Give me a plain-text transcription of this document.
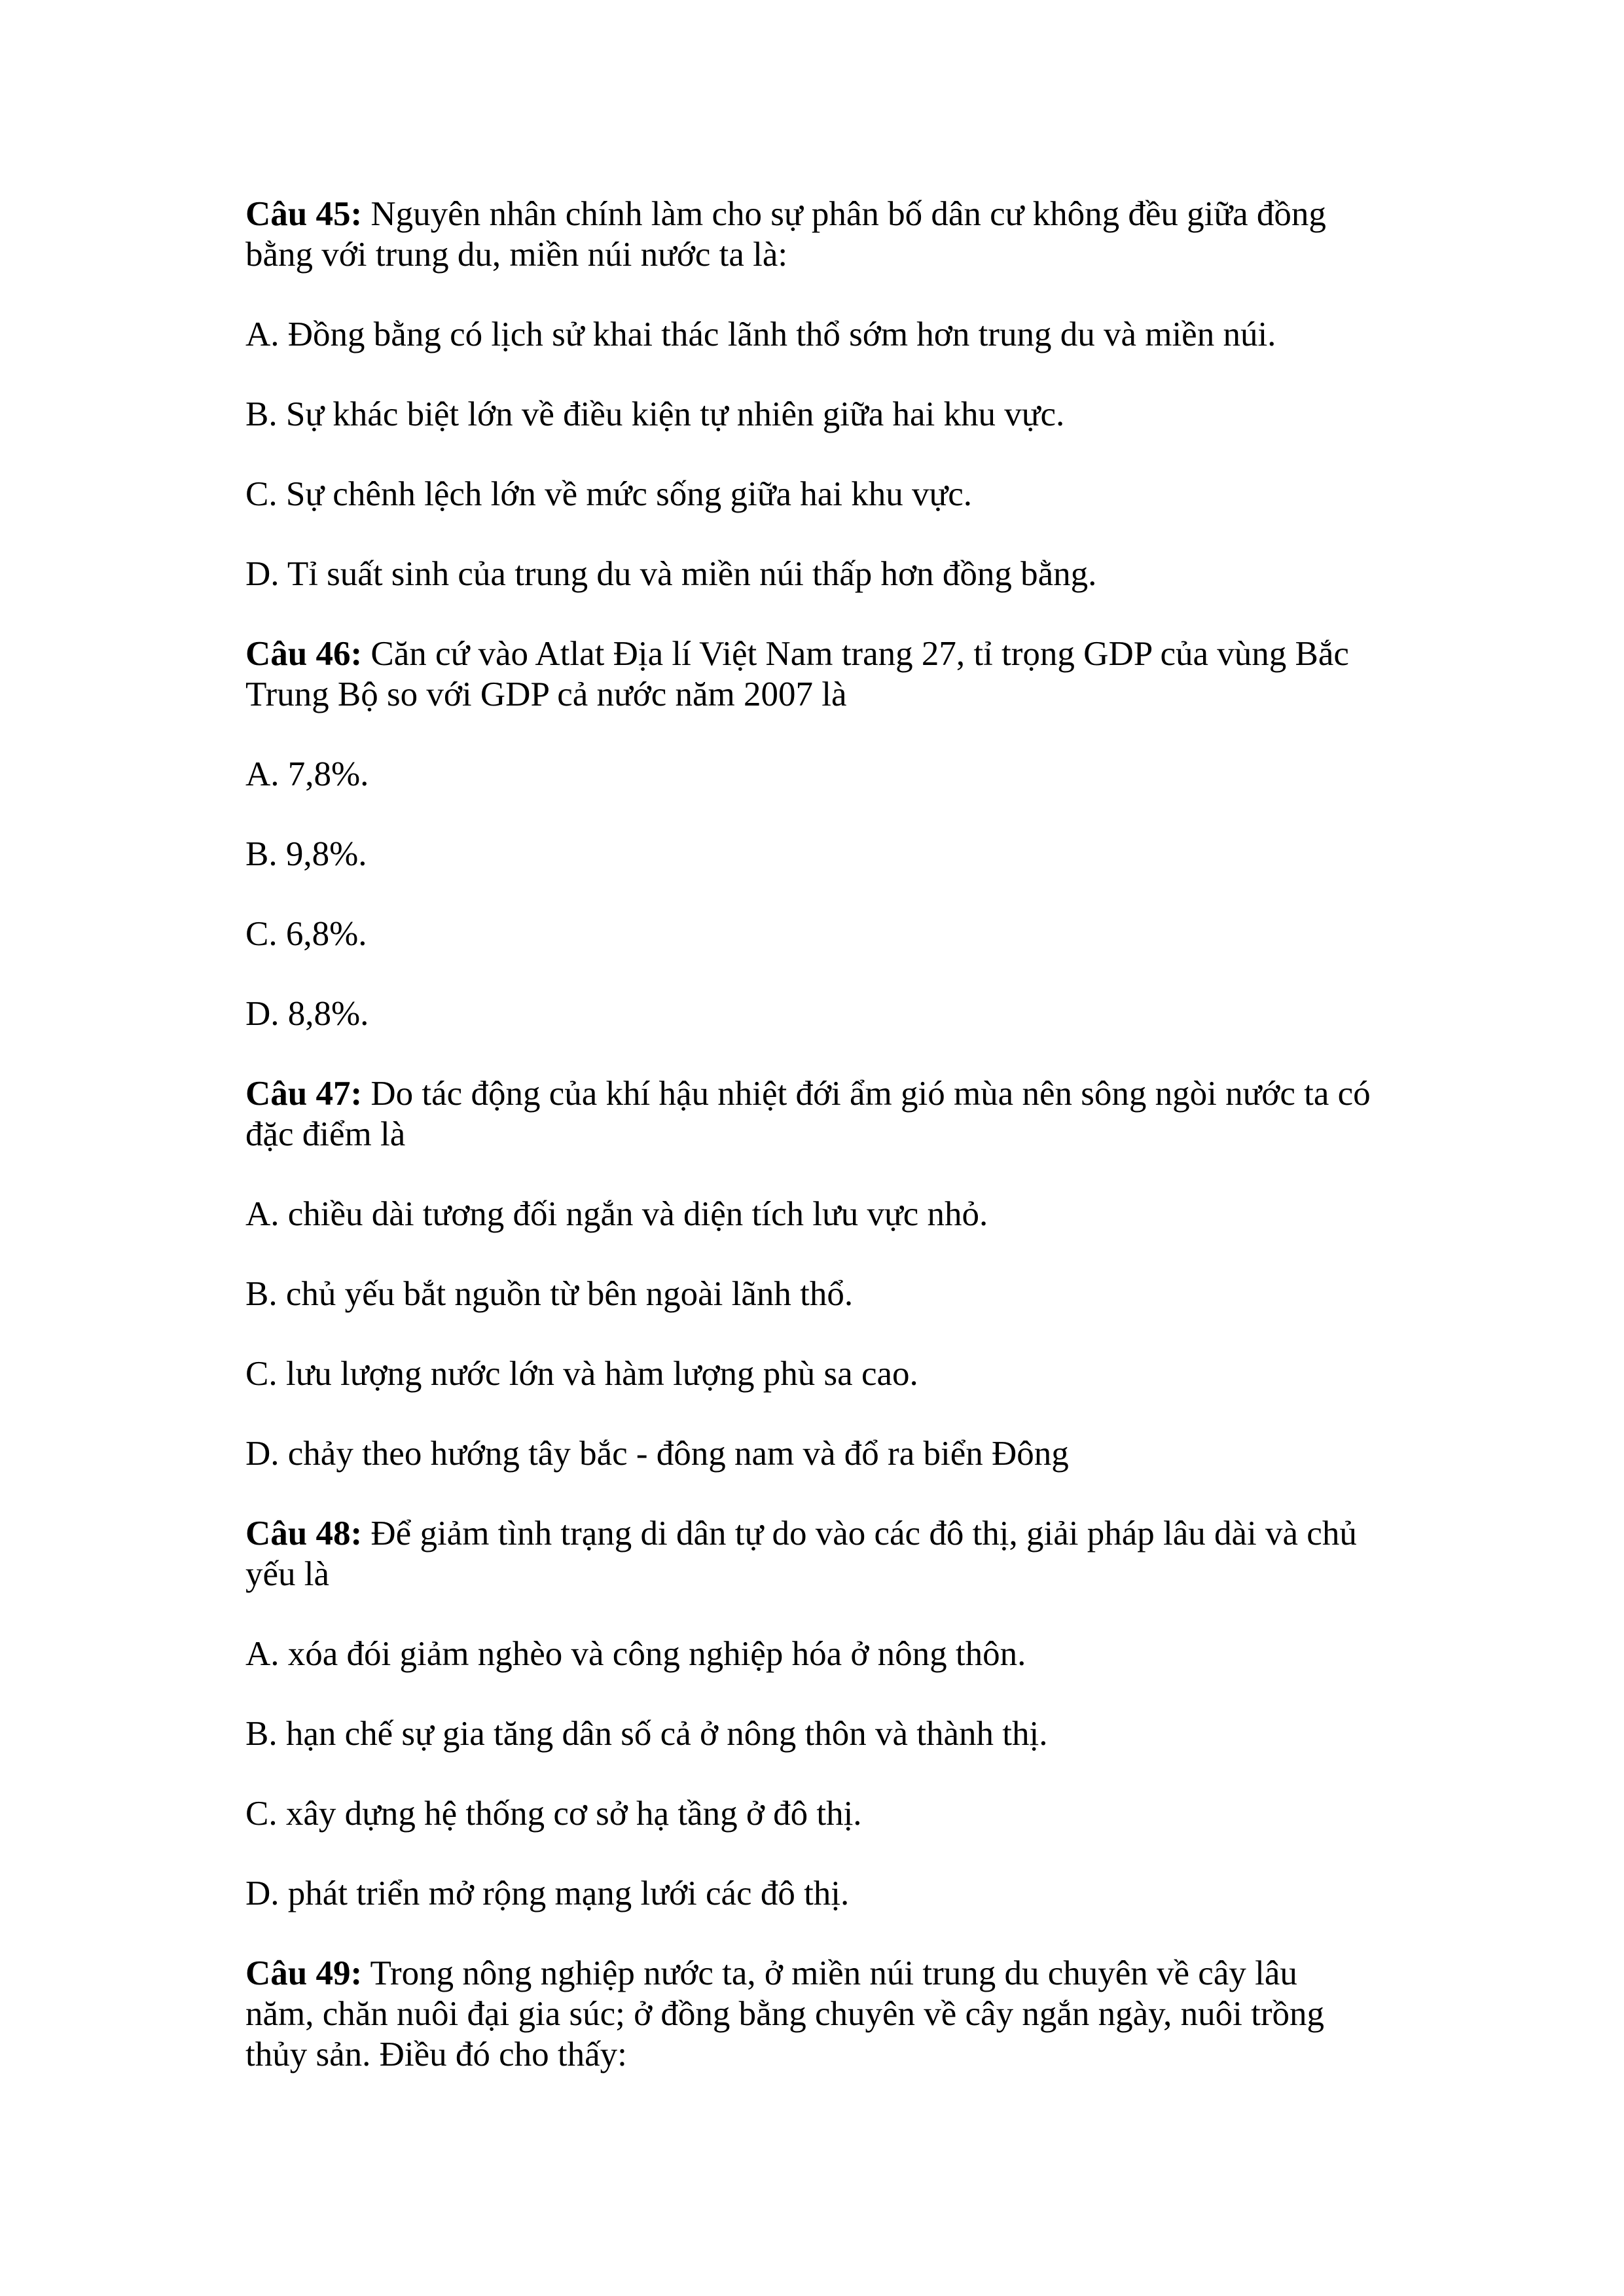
Câu 45: Nguyên nhân chính làm cho sự phân bố dân cư không đều giữa đồng bằng với trung du, miền núi nước ta là:

A. Đồng bằng có lịch sử khai thác lãnh thổ sớm hơn trung du và miền núi.

B. Sự khác biệt lớn về điều kiện tự nhiên giữa hai khu vực.

C. Sự chênh lệch lớn về mức sống giữa hai khu vực.

D. Tỉ suất sinh của trung du và miền núi thấp hơn đồng bằng.

Câu 46: Căn cứ vào Atlat Địa lí Việt Nam trang 27, tỉ trọng GDP của vùng Bắc Trung Bộ so với GDP cả nước năm 2007 là

A. 7,8%.

B. 9,8%.

C. 6,8%.

D. 8,8%.

Câu 47: Do tác động của khí hậu nhiệt đới ẩm gió mùa nên sông ngòi nước ta có đặc điểm là

A. chiều dài tương đối ngắn và diện tích lưu vực nhỏ.

B. chủ yếu bắt nguồn từ bên ngoài lãnh thổ.

C. lưu lượng nước lớn và hàm lượng phù sa cao.

D. chảy theo hướng tây bắc - đông nam và đổ ra biển Đông

Câu 48: Để giảm tình trạng di dân tự do vào các đô thị, giải pháp lâu dài và chủ yếu là

A. xóa đói giảm nghèo và công nghiệp hóa ở nông thôn.

B. hạn chế sự gia tăng dân số cả ở nông thôn và thành thị.

C. xây dựng hệ thống cơ sở hạ tầng ở đô thị.

D. phát triển mở rộng mạng lưới các đô thị.

Câu 49: Trong nông nghiệp nước ta, ở miền núi trung du chuyên về cây lâu năm, chăn nuôi đại gia súc; ở đồng bằng chuyên về cây ngắn ngày, nuôi trồng thủy sản. Điều đó cho thấy:
